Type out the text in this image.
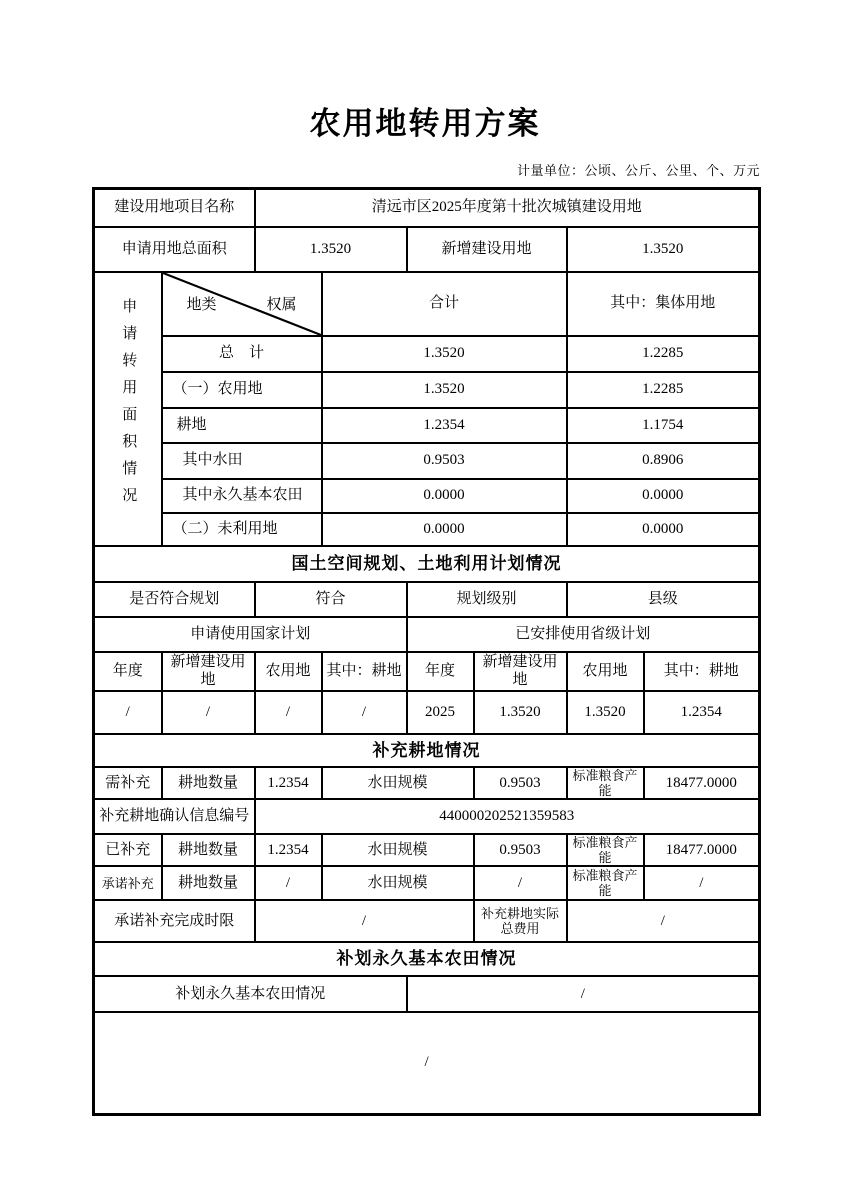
农用地转用方案
计量单位：公顷、公斤、公里、个、万元
建设用地项目名称		清远市区2025年度第十批次城镇建设用地					
申请用地总面积		1.3520		新增建设用地		1.3520	
申请转用面积情况	地类 权属		合计			其中：集体用地	
	总　计		1.3520			1.2285	
	（一）农用地		1.3520			1.2285	
	耕地		1.2354			1.1754	
	其中水田		0.9503			0.8906	
	其中永久基本农田		0.0000			0.0000	
	（二）未利用地		0.0000			0.0000	
国土空间规划、土地利用计划情况							
是否符合规划		符合		规划级别		县级	
申请使用国家计划				已安排使用省级计划			
年度	新增建设用地	农用地	其中：耕地	年度	新增建设用地	农用地	其中：耕地
/	/	/	/	2025	1.3520	1.3520	1.2354
补充耕地情况							
需补充	耕地数量	1.2354	水田规模		0.9503	标准粮食产能	18477.0000
补充耕地确认信息编号		440000202521359583					
已补充	耕地数量	1.2354	水田规模		0.9503	标准粮食产能	18477.0000
承诺补充	耕地数量	/	水田规模		/	标准粮食产能	/
承诺补充完成时限		/			补充耕地实际总费用	/	
补划永久基本农田情况							
补划永久基本农田情况				/			
/							
